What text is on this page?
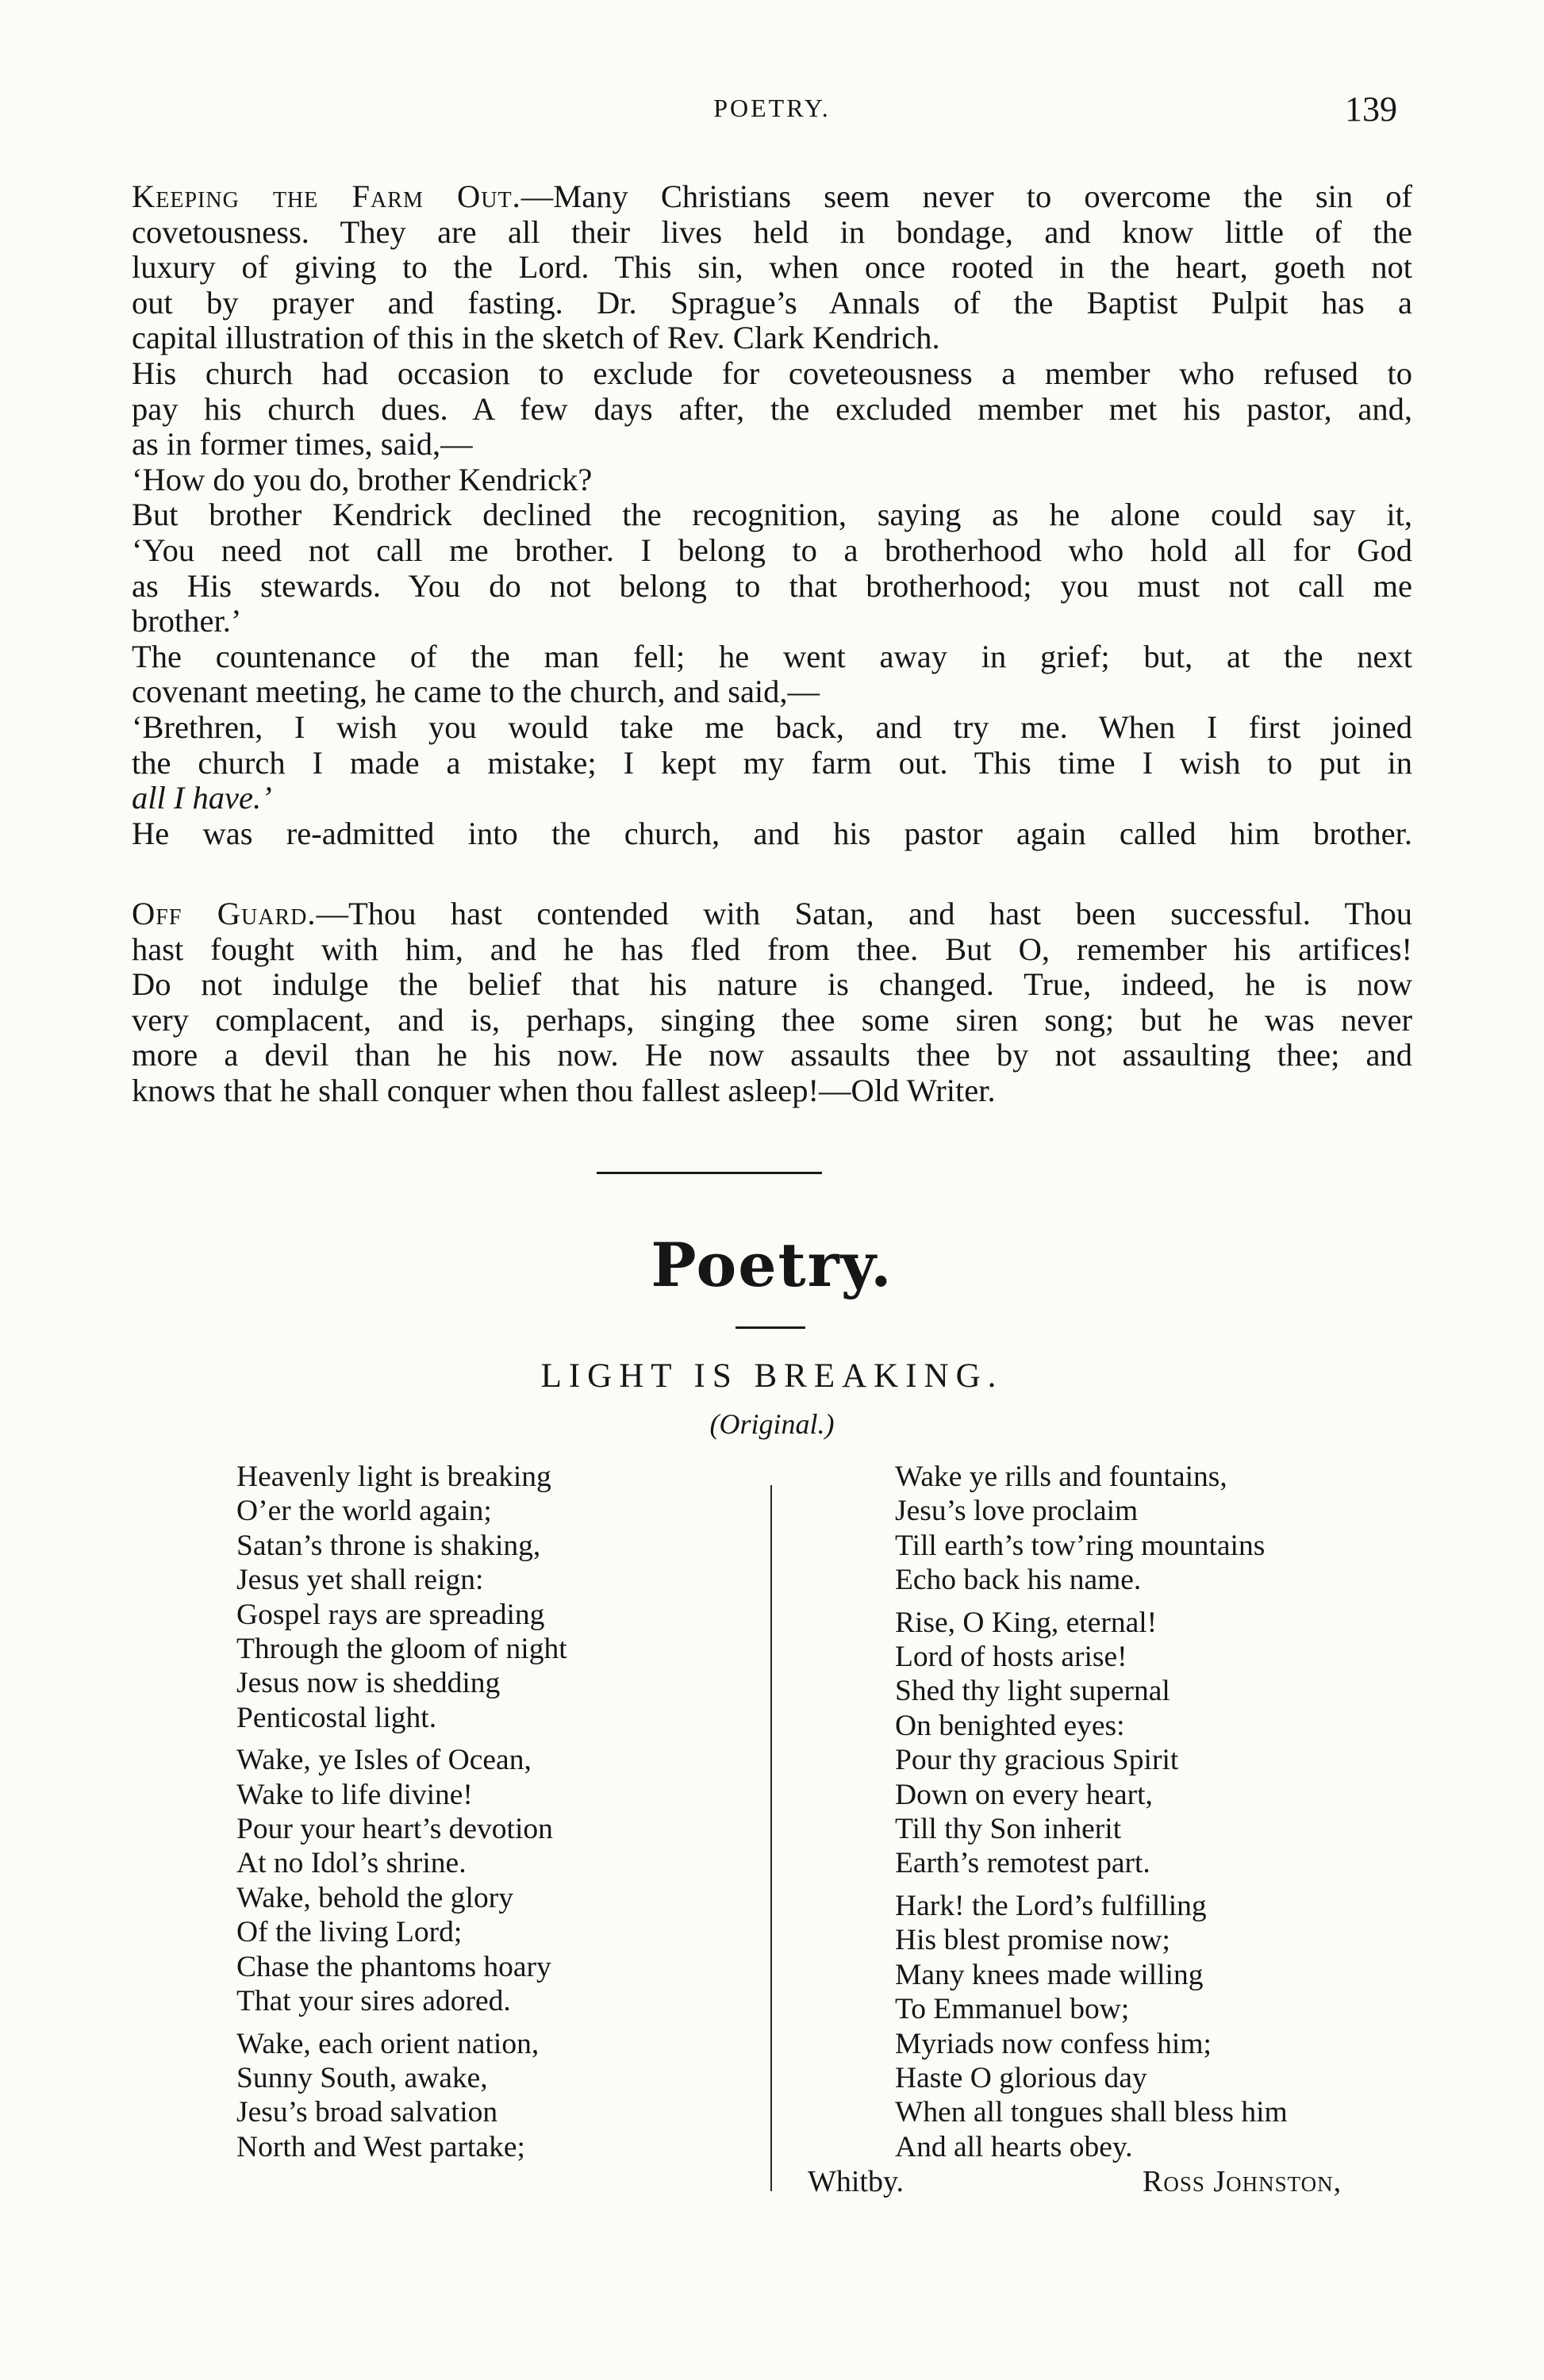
POETRY.	139

Keeping the Farm Out.—Many Christians seem never to overcome the sin of
covetousness. They are all their lives held in bondage, and know little of the
luxury of giving to the Lord. This sin, when once rooted in the heart, goeth not
out by prayer and fasting. Dr. Sprague’s Annals of the Baptist Pulpit has a
capital illustration of this in the sketch of Rev. Clark Kendrich.
His church had occasion to exclude for coveteousness a member who refused to
pay his church dues. A few days after, the excluded member met his pastor, and,
as in former times, said,—
‘How do you do, brother Kendrick?
But brother Kendrick declined the recognition, saying as he alone could say it,
‘You need not call me brother. I belong to a brotherhood who hold all for God
as His stewards. You do not belong to that brotherhood; you must not call me
brother.’
The countenance of the man fell; he went away in grief; but, at the next
covenant meeting, he came to the church, and said,—
‘Brethren, I wish you would take me back, and try me. When I first joined
the church I made a mistake; I kept my farm out. This time I wish to put in
all I have.’
He was re-admitted into the church, and his pastor again called him brother.

Off Guard.—Thou hast contended with Satan, and hast been successful. Thou
hast fought with him, and he has fled from thee. But O, remember his artifices!
Do not indulge the belief that his nature is changed. True, indeed, he is now
very complacent, and is, perhaps, singing thee some siren song; but he was never
more a devil than he his now. He now assaults thee by not assaulting thee; and
knows that he shall conquer when thou fallest asleep!—Old Writer.

Poetry.
LIGHT IS BREAKING.
(Original.)
Heavenly light is breaking
O’er the world again;
Satan’s throne is shaking,
Jesus yet shall reign:
Gospel rays are spreading
Through the gloom of night
Jesus now is shedding
Penticostal light.
Wake, ye Isles of Ocean,
Wake to life divine!
Pour your heart’s devotion
At no Idol’s shrine.
Wake, behold the glory
Of the living Lord;
Chase the phantoms hoary
That your sires adored.
Wake, each orient nation,
Sunny South, awake,
Jesu’s broad salvation
North and West partake;
Wake ye rills and fountains,
Jesu’s love proclaim
Till earth’s tow’ring mountains
Echo back his name.
Rise, O King, eternal!
Lord of hosts arise!
Shed thy light supernal
On benighted eyes:
Pour thy gracious Spirit
Down on every heart,
Till thy Son inherit
Earth’s remotest part.
Hark! the Lord’s fulfilling
His blest promise now;
Many knees made willing
To Emmanuel bow;
Myriads now confess him;
Haste O glorious day
When all tongues shall bless him
And all hearts obey.
Whitby.	Ross Johnston,
